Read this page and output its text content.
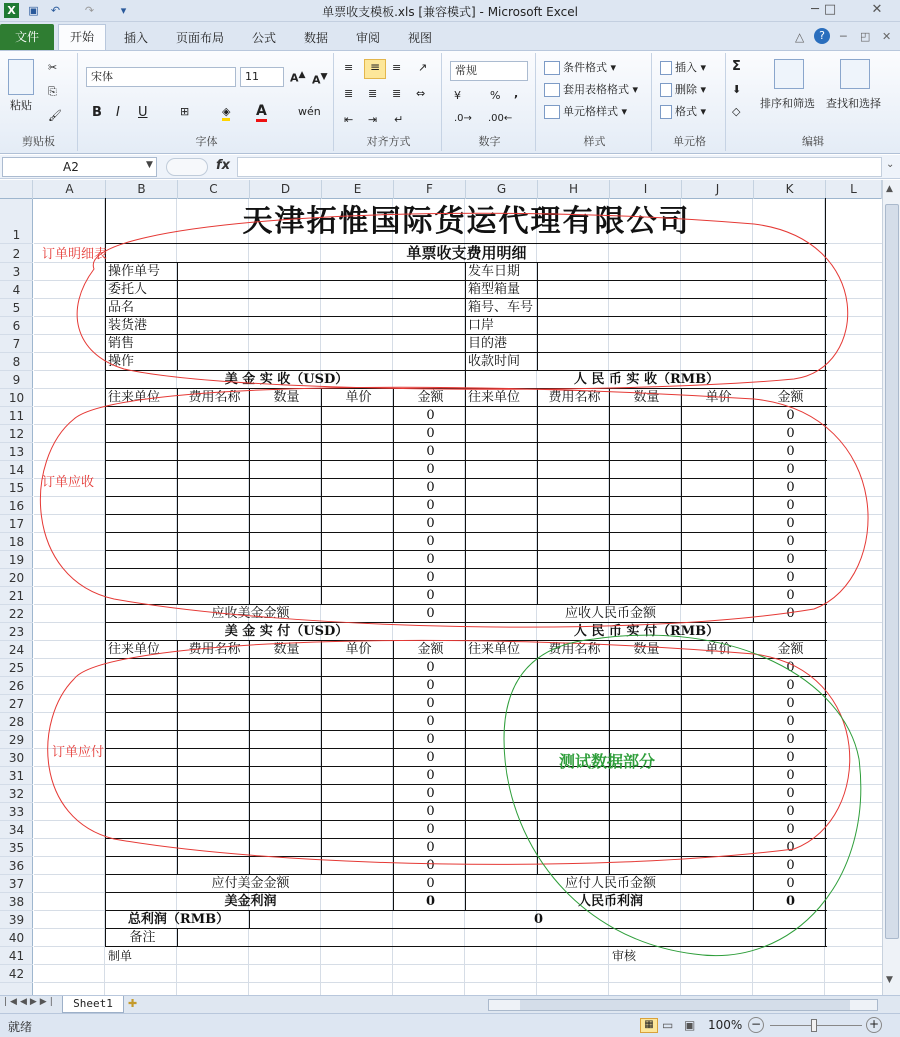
X ▣ ↶ ↷	▾	单票收支模板.xls [兼容模式] - Microsoft Excel	─ □	✕
文件	开始	插入	页面布局	公式	数据	审阅	视图	△	?	─ ◰ ✕
粘贴
✂
⎘
🖌
剪贴板
宋体	11	A▲ A▼
B I U	⊞	◈ A	wén
字体
≡	≡	≡ ↗
≣ ≣ ≣ ⇔
⇤ ⇥ ↵
对齐方式
常规
¥	% ,
.0→ .00←
数字
条件格式 ▾
套用表格格式 ▾
单元格样式 ▾
样式
插入 ▾
删除 ▾
格式 ▾
单元格
Σ
⬇
◇
排序和筛选 查找和选择
编辑
A2	▼	fx	⌄
A	B	C	D	E	F	G	H	I	J	K	L
1
2
3
4
5
6
7
8
9
10
11
12
13
14
15
16
17
18
19
20
21
22
23
24
25
26
27
28
29
30
31
32
33
34
35
36
37
38
39
40
41
42
天津拓惟国际货运代理有限公司
单票收支费用明细
操作单号
委托人
品名
装货港
销售
操作
发车日期
箱型箱量
箱号、车号
口岸
目的港
收款时间
美 金 实 收（USD）	人 民 币 实 收（RMB）
美 金 实 付（USD）	人 民 币 实 付（RMB）
往来单位	往来单位
费用名称	费用名称
数量	数量
单价	单价
金额	金额
往来单位	往来单位
费用名称	费用名称
数量	数量
单价	单价
金额	金额
0	0
0	0
0	0
0	0
0	0
0	0
0	0
0	0
0	0
0	0
0	0
0	0
0	0
0	0
0	0
0	0
0	0
0	0
0	0
0	0
0	0
0	0
0	0
0	0
0	0
0	0
0
应收美金金额	应收人民币金额
应付美金金额	应付人民币金额
美金利润	人民币利润
总利润（RMB）
备注
制单	审核
订单明细表
订单应收
订单应付	测试数据部分
▲
▼
|◀◀▶▶|	Sheet1	✚
就绪	▦ ▭ ▣ 100% −	+
